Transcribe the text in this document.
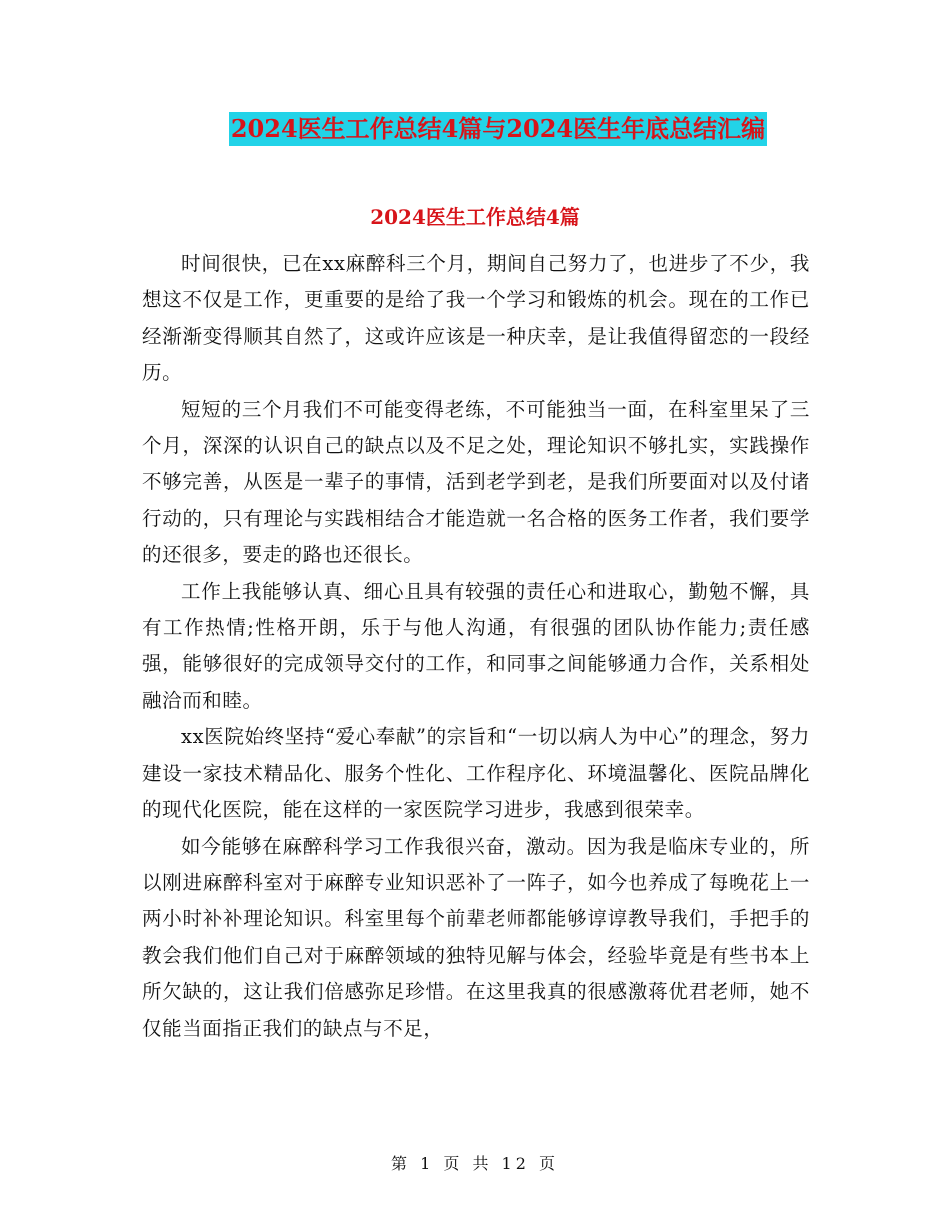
2024医生工作总结4篇与2024医生年底总结汇编
2024医生工作总结4篇

时间很快，已在xx麻醉科三个月，期间自己努力了，也进步了不少，我想这不仅是工作，更重要的是给了我一个学习和锻炼的机会。现在的工作已经渐渐变得顺其自然了，这或许应该是一种庆幸，是让我值得留恋的一段经历。

短短的三个月我们不可能变得老练，不可能独当一面，在科室里呆了三个月，深深的认识自己的缺点以及不足之处，理论知识不够扎实，实践操作不够完善，从医是一辈子的事情，活到老学到老，是我们所要面对以及付诸行动的，只有理论与实践相结合才能造就一名合格的医务工作者，我们要学的还很多，要走的路也还很长。

工作上我能够认真、细心且具有较强的责任心和进取心，勤勉不懈，具有工作热情;性格开朗，乐于与他人沟通，有很强的团队协作能力;责任感强，能够很好的完成领导交付的工作，和同事之间能够通力合作，关系相处融洽而和睦。

xx医院始终坚持“爱心奉献”的宗旨和“一切以病人为中心”的理念，努力建设一家技术精品化、服务个性化、工作程序化、环境温馨化、医院品牌化的现代化医院，能在这样的一家医院学习进步，我感到很荣幸。

如今能够在麻醉科学习工作我很兴奋，激动。因为我是临床专业的，所以刚进麻醉科室对于麻醉专业知识恶补了一阵子，如今也养成了每晚花上一两小时补补理论知识。科室里每个前辈老师都能够谆谆教导我们，手把手的教会我们他们自己对于麻醉领域的独特见解与体会，经验毕竟是有些书本上所欠缺的，这让我们倍感弥足珍惜。在这里我真的很感激蒋优君老师，她不仅能当面指正我们的缺点与不足，

第 1 页 共 12 页
